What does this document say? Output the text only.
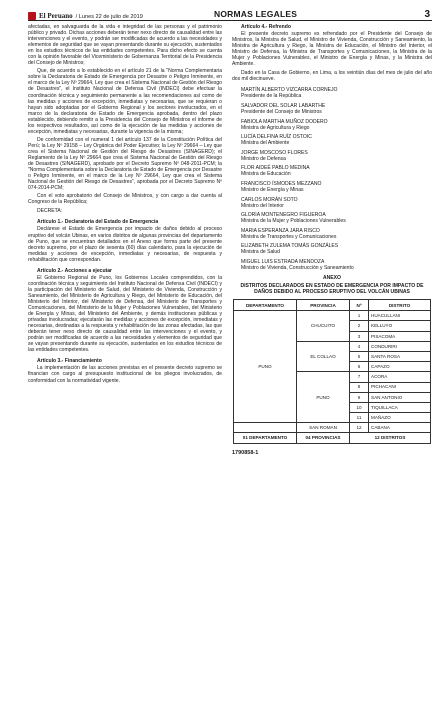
El Peruano / Lunes 22 de julio de 2019	NORMAS LEGALES	3

afectadas, en salvaguarda de la vida e integridad de las personas y el patrimonio público y privado. Dichas acciones deberán tener nexo directo de causalidad entre las intervenciones y el evento, y podrán ser modificadas de acuerdo a las necesidades y elementos de seguridad que se vayan presentando durante su ejecución, sustentados en los estudios técnicos de las entidades competentes. Para dicho efecto se cuenta con la opinión favorable del Viceministerio de Gobernanza Territorial de la Presidencia del Consejo de Ministros;

Que, de acuerdo a lo establecido en el artículo 21 de la "Norma Complementaria sobre la Declaratoria de Estado de Emergencia por Desastre o Peligro Inminente, en el marco de la Ley Nº 29664, Ley que crea el Sistema Nacional de Gestión del Riesgo de Desastres", el Instituto Nacional de Defensa Civil (INDECI) debe efectuar la coordinación técnica y seguimiento permanente a las recomendaciones así como de las medidas y acciones de excepción, inmediatas y necesarias, que se requieran o hayan sido adoptadas por el Gobierno Regional y los sectores involucrados, en el marco de la declaratoria de Estado de Emergencia aprobada, dentro del plazo establecido, debiendo remitir a la Presidencia del Consejo de Ministros el informe de los respectivos resultados, así como de la ejecución de las medidas y acciones de excepción, inmediatas y necesarias, durante la vigencia de la misma;

De conformidad con el numeral 1 del artículo 137 de la Constitución Política del Perú; la Ley Nº 29158 – Ley Orgánica del Poder Ejecutivo; la Ley Nº 29664 – Ley que crea el Sistema Nacional de Gestión del Riesgo de Desastres (SINAGERD); el Reglamento de la Ley Nº 29664 que crea el Sistema Nacional de Gestión del Riesgo de Desastres (SINAGERD), aprobado por el Decreto Supremo Nº 048-2011-PCM; la "Norma Complementaria sobre la Declaratoria de Estado de Emergencia por Desastre o Peligro Inminente, en el marco de la Ley Nº 29664, Ley que crea el Sistema Nacional de Gestión del Riesgo de Desastres", aprobada por el Decreto Supremo Nº 074-2014-PCM;

Con el voto aprobatorio del Consejo de Ministros, y con cargo a dar cuenta al Congreso de la República;

DECRETA:

Artículo 1.- Declaratoria del Estado de Emergencia

Declárese el Estado de Emergencia por impacto de daños debido al proceso eruptivo del volcán Ubinas, en varios distritos de algunas provincias del departamento de Puno, que se encuentran detallados en el Anexo que forma parte del presente decreto supremo, por el plazo de sesenta (60) días calendario, para la ejecución de medidas y acciones de excepción, inmediatas y necesarias, de respuesta y rehabilitación que correspondan.

Artículo 2.- Acciones a ejecutar

El Gobierno Regional de Puno, los Gobiernos Locales comprendidos, con la coordinación técnica y seguimiento del Instituto Nacional de Defensa Civil (INDECI) y la participación del Ministerio de Salud, del Ministerio de Vivienda, Construcción y Saneamiento, del Ministerio de Agricultura y Riego, del Ministerio de Educación, del Ministerio del Interior, del Ministerio de Defensa, del Ministerio de Transportes y Comunicaciones, del Ministerio de la Mujer y Poblaciones Vulnerables, del Ministerio de Energía y Minas, del Ministerio del Ambiente, y demás instituciones públicas y privadas involucradas; ejecutarán las medidas y acciones de excepción, inmediatas y necesarias, destinadas a la respuesta y rehabilitación de las zonas afectadas, las que deberán tener nexo directo de causalidad entre las intervenciones y el evento, y podrán ser modificadas de acuerdo a las necesidades y elementos de seguridad que se vayan presentando durante su ejecución, sustentados en los estudios técnicos de las entidades competentes.

Artículo 3.- Financiamiento

La implementación de las acciones previstas en el presente decreto supremo se financian con cargo al presupuesto institucional de los pliegos involucrados, de conformidad con la normatividad vigente.

Artículo 4.- Refrendo

El presente decreto supremo es refrendado por el Presidente del Consejo de Ministros, la Ministra de Salud, el Ministro de Vivienda, Construcción y Saneamiento, la Ministra de Agricultura y Riego, la Ministra de Educación, el Ministro del Interior, el Ministro de Defensa, la Ministra de Transportes y Comunicaciones, la Ministra de la Mujer y Poblaciones Vulnerables, el Ministro de Energía y Minas, y la Ministra del Ambiente.

Dado en la Casa de Gobierno, en Lima, a los veintiún días del mes de julio del año dos mil diecinueve.

MARTÍN ALBERTO VIZCARRA CORNEJO
Presidente de la República
SALVADOR DEL SOLAR LABARTHE
Presidente del Consejo de Ministros
FABIOLA MARTHA MUÑOZ DODERO
Ministra de Agricultura y Riego
LUCÍA DELFINA RUÍZ OSTOIC
Ministra del Ambiente
JORGE MOSCOSO FLORES
Ministro de Defensa
FLOR AIDEÉ PABLO MEDINA
Ministra de Educación
FRANCISCO ÍSMODES MEZZANO
Ministro de Energía y Minas
CARLOS MORÁN SOTO
Ministro del Interior
GLORIA MONTENEGRO FIGUEROA
Ministra de la Mujer y Poblaciones Vulnerables
MARIA ESPERANZA JARA RISCO
Ministra de Transportes y Comunicaciones
ELIZABETH ZULEMA TOMÁS GONZÁLES
Ministra de Salud
MIGUEL LUIS ESTRADA MENDOZA
Ministro de Vivienda, Construcción y Saneamiento
ANEXO
DISTRITOS DECLARADOS EN ESTADO DE EMERGENCIA POR IMPACTO DE DAÑOS DEBIDO AL PROCESO ERUPTIVO DEL VOLCÁN UBINAS
DEPARTAMENTO	PROVINCIA	Nº	DISTRITO
PUNO	CHUCUITO	1	HUACULLANI
		2	KELLUYO
		3	PISACOMA
	EL COLLAO	4	CONDURIRI
		5	SANTA ROSA
		6	CAPAZO
	PUNO	7	ACORA
		8	PICHACANI
		9	SAN ANTONIO
		10	TIQUILLACA
		11	MAÑAZO
	SAN ROMAN	12	CABANA
01 DEPARTAMENTO	04 PROVINCIAS	12 DISTRITOS	
1790858-1
